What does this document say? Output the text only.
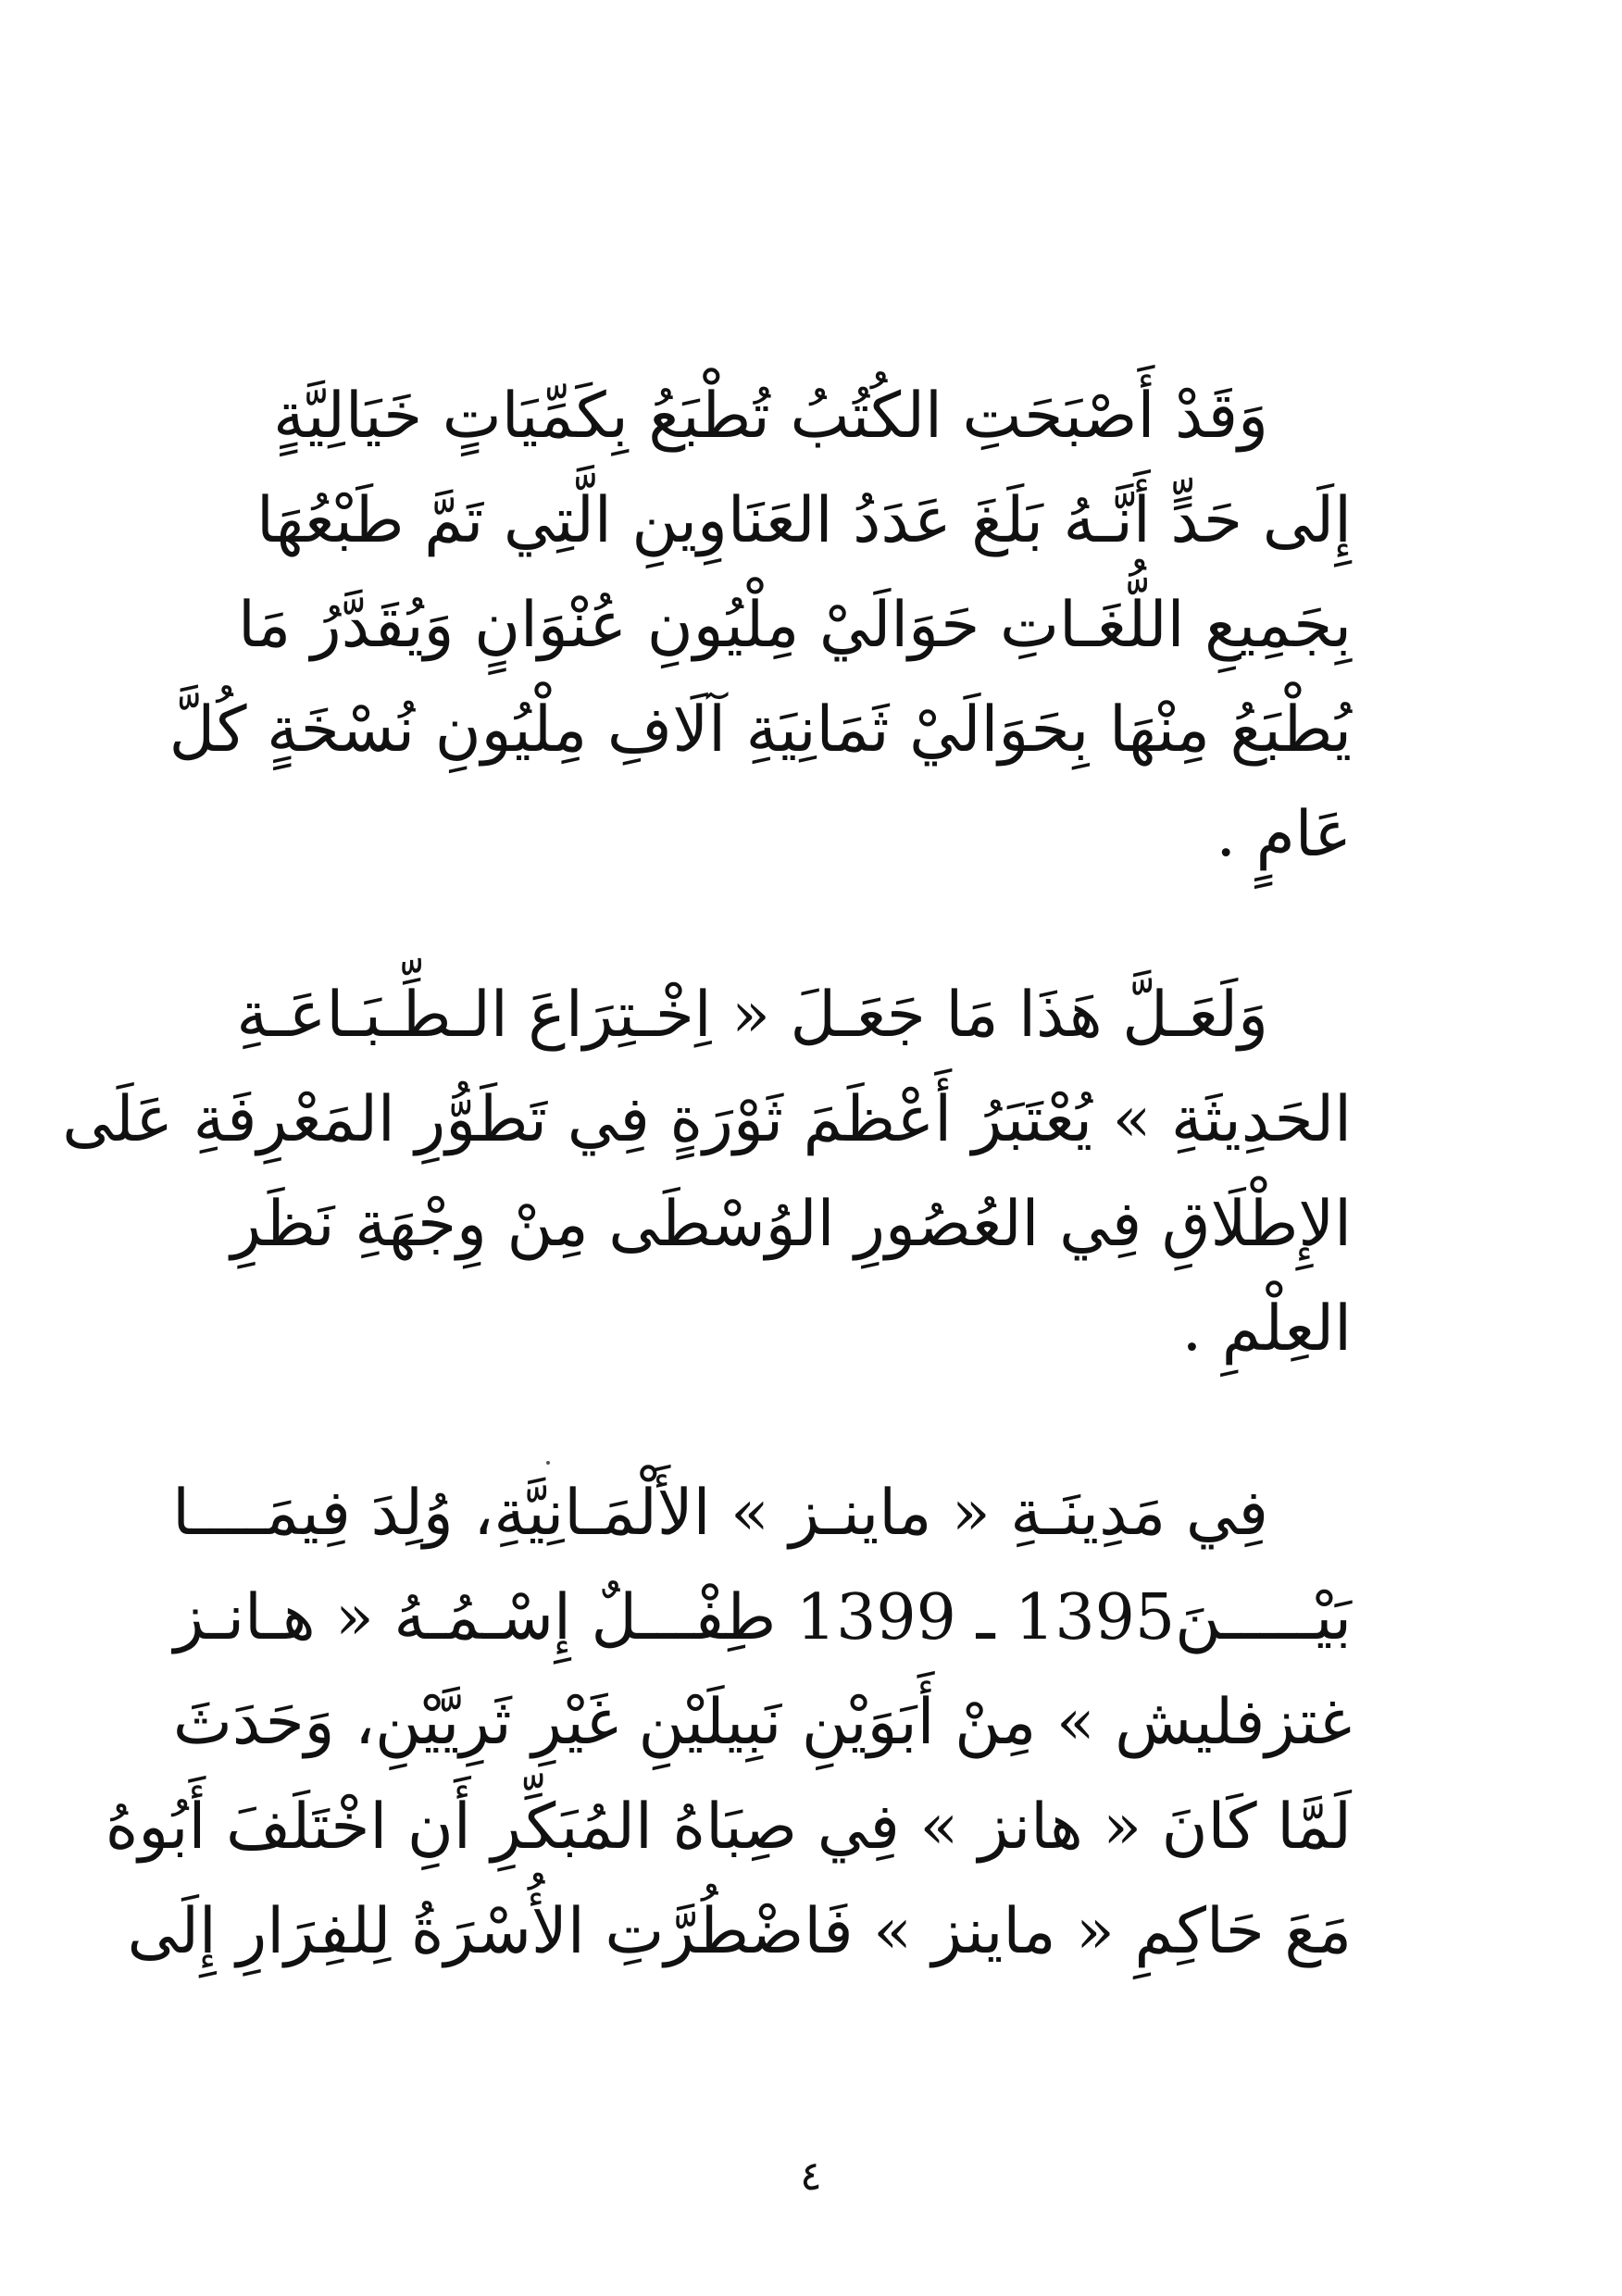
وَقَدْ أَصْبَحَتِ الكُتُبُ تُطْبَعُ بِكَمِّيَاتٍ خَيَالِيَّةٍ
إِلَى حَدٍّ أَنَّـهُ بَلَغَ عَدَدُ العَنَاوِينِ الَّتِي تَمَّ طَبْعُهَا
بِجَمِيعِ اللُّغَـاتِ حَوَالَيْ مِلْيُونِ عُنْوَانٍ وَيُقَدَّرُ مَا
يُطْبَعُ مِنْهَا بِحَوَالَيْ ثَمَانِيَةِ آلَافِ مِلْيُونِ نُسْخَةٍ كُلَّ
عَامٍ .
وَلَعَـلَّ هَذَا مَا جَعَـلَ « اِخْـتِرَاعَ الـطِّـبَـاعَـةِ
الحَدِيثَةِ » يُعْتَبَرُ أَعْظَمَ ثَوْرَةٍ فِي تَطَوُّرِ المَعْرِفَةِ عَلَى
الإِطْلَاقِ فِي العُصُورِ الوُسْطَى مِنْ وِجْهَةِ نَظَرِ
العِلْمِ .
فِي مَدِينَـةِ « ماينـز » الأَلْمَـانِيَّةِ، وُلِدَ فِيمَــــا
بَيْـــــنَ1395 ـ 1399 طِفْـــلٌ إِسْـمُـهُ « هـانـز
غتزفليش » مِنْ أَبَوَيْنِ نَبِيلَيْنِ غَيْرِ ثَرِيَّيْنِ، وَحَدَثَ
لَمَّا كَانَ « هانز » فِي صِبَاهُ المُبَكِّرِ أَنِ اخْتَلَفَ أَبُوهُ
مَعَ حَاكِمِ « ماينز » فَاضْطُرَّتِ الأُسْرَةُ لِلفِرَارِ إِلَى
٤
